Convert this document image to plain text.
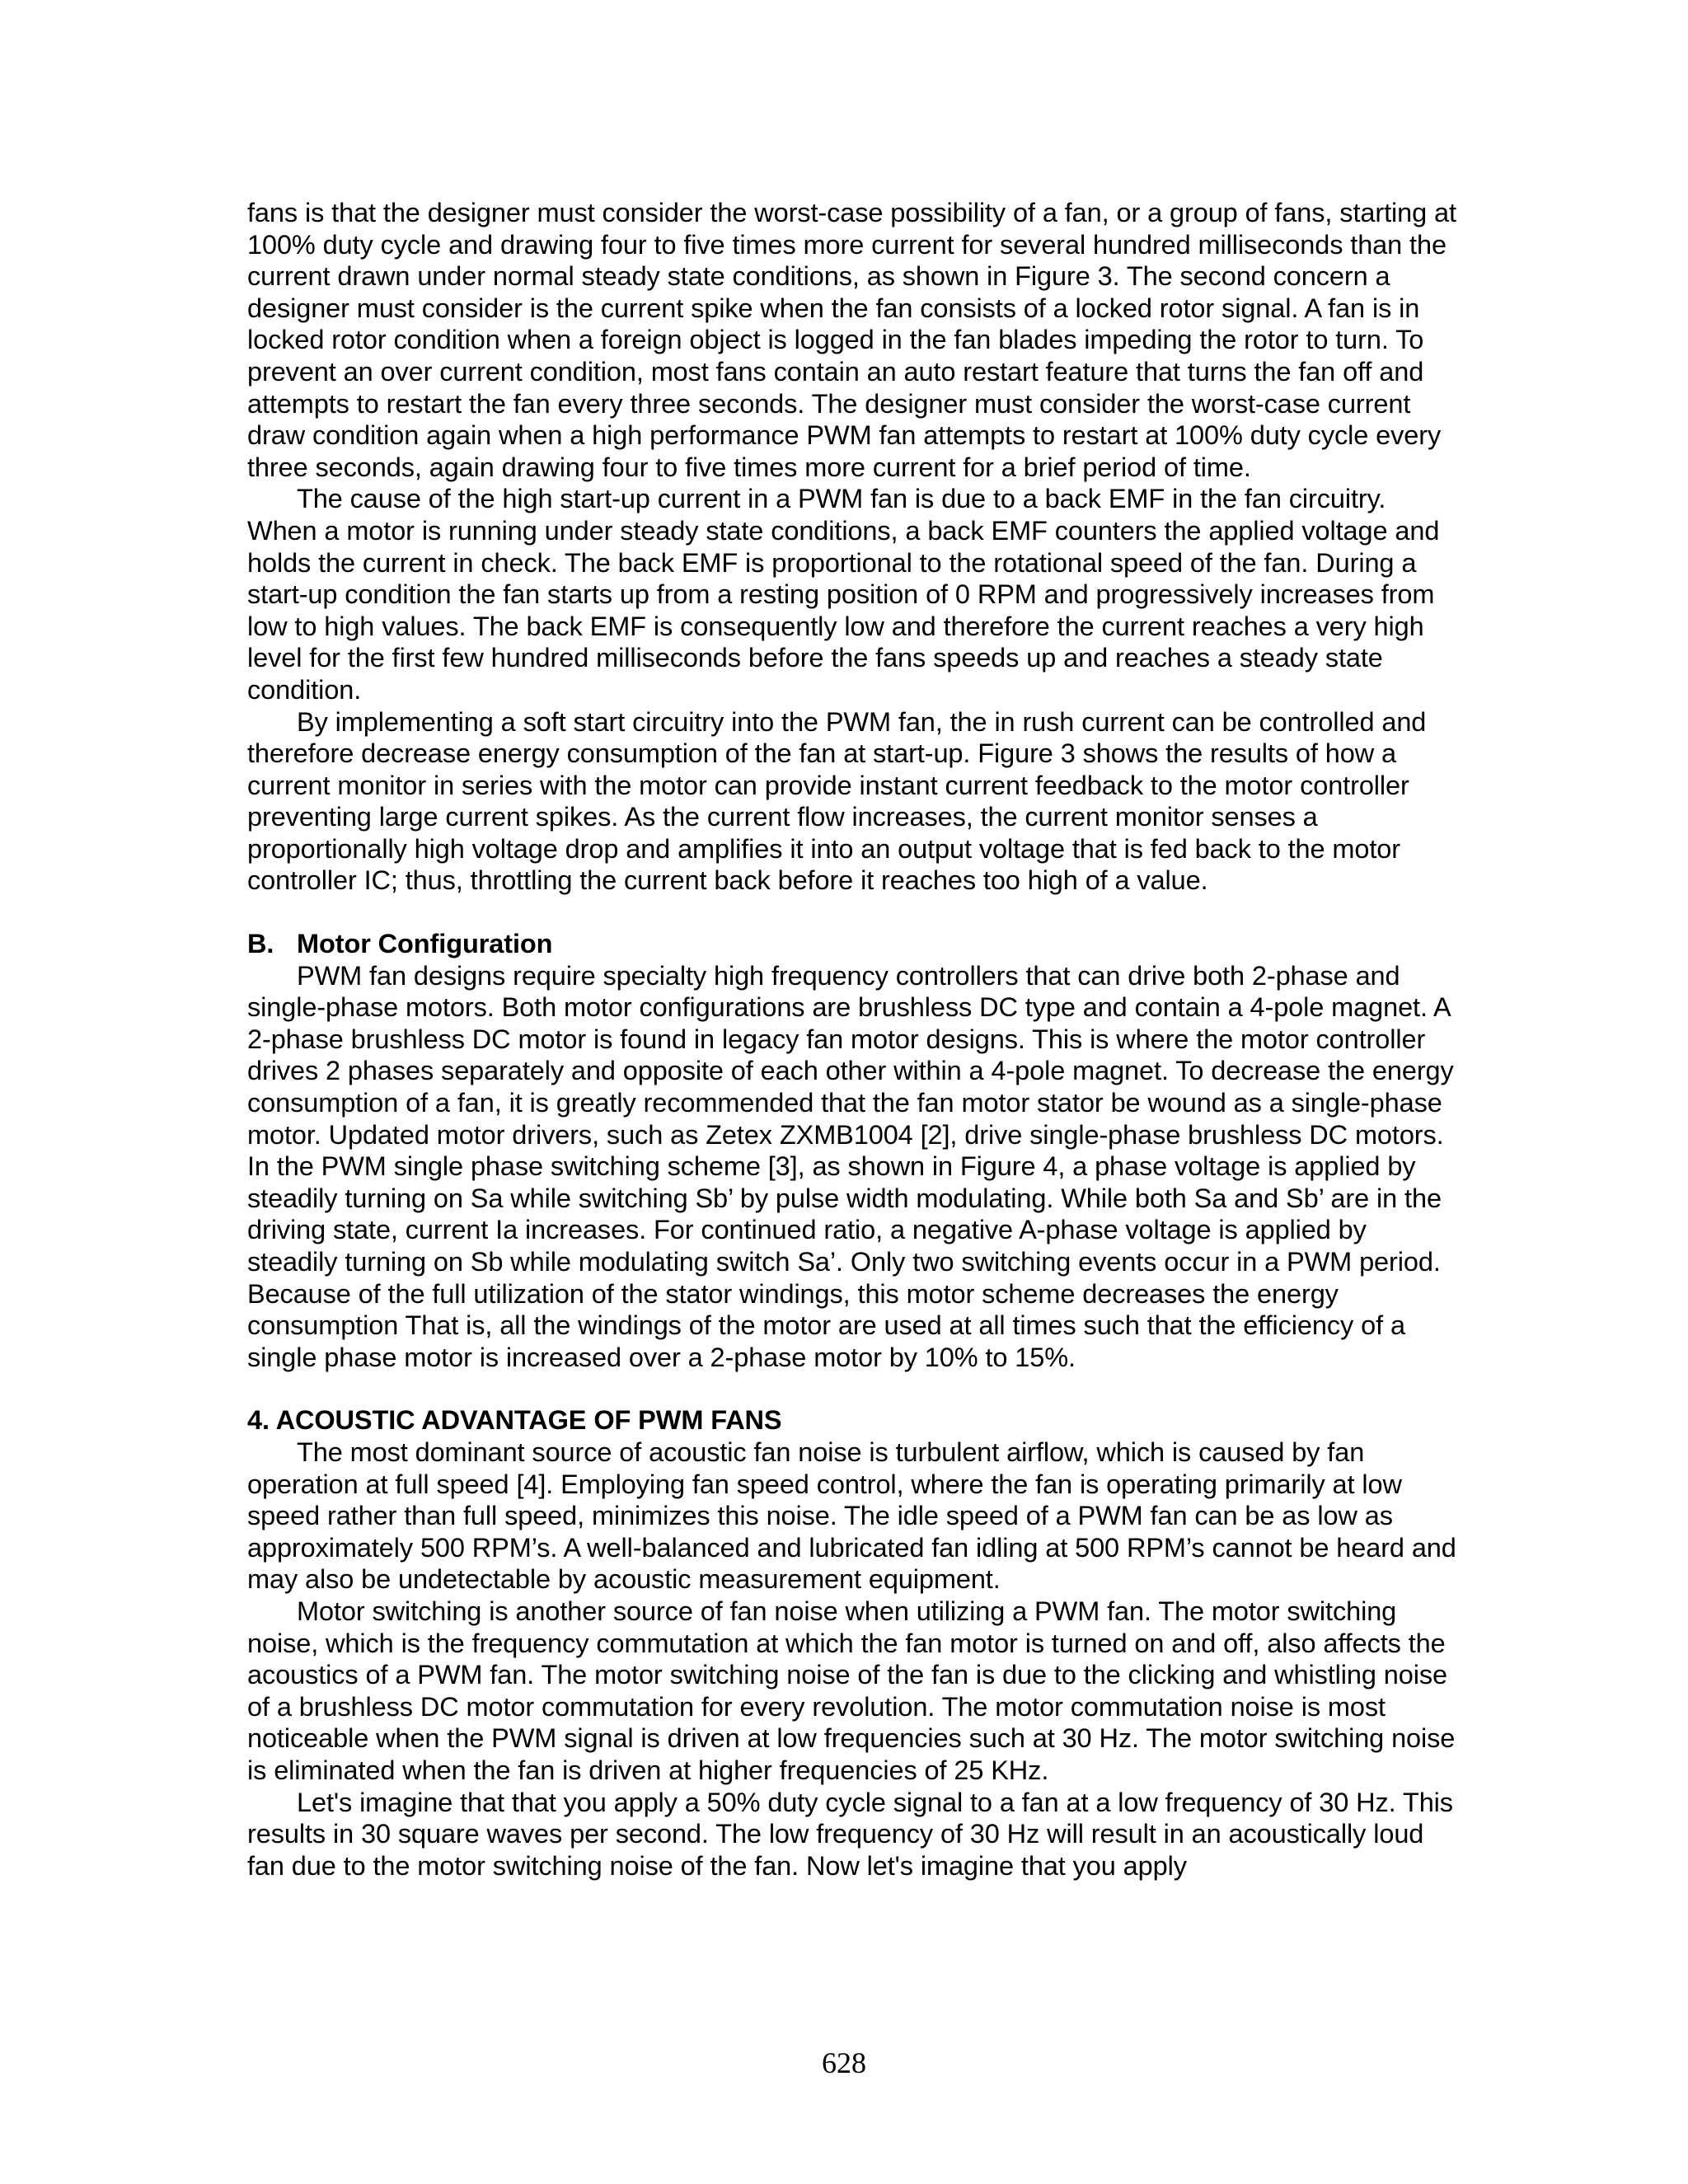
fans is that the designer must consider the worst-case possibility of a fan, or a group of fans, starting at 100% duty cycle and drawing four to five times more current for several hundred milliseconds than the current drawn under normal steady state conditions, as shown in Figure 3. The second concern a designer must consider is the current spike when the fan consists of a locked rotor signal. A fan is in locked rotor condition when a foreign object is logged in the fan blades impeding the rotor to turn. To prevent an over current condition, most fans contain an auto restart feature that turns the fan off and attempts to restart the fan every three seconds. The designer must consider the worst-case current draw condition again when a high performance PWM fan attempts to restart at 100% duty cycle every three seconds, again drawing four to five times more current for a brief period of time.

The cause of the high start-up current in a PWM fan is due to a back EMF in the fan circuitry. When a motor is running under steady state conditions, a back EMF counters the applied voltage and holds the current in check. The back EMF is proportional to the rotational speed of the fan. During a start-up condition the fan starts up from a resting position of 0 RPM and progressively increases from low to high values. The back EMF is consequently low and therefore the current reaches a very high level for the first few hundred milliseconds before the fans speeds up and reaches a steady state condition.

By implementing a soft start circuitry into the PWM fan, the in rush current can be controlled and therefore decrease energy consumption of the fan at start-up. Figure 3 shows the results of how a current monitor in series with the motor can provide instant current feedback to the motor controller preventing large current spikes. As the current flow increases, the current monitor senses a proportionally high voltage drop and amplifies it into an output voltage that is fed back to the motor controller IC; thus, throttling the current back before it reaches too high of a value.

B. Motor Configuration

PWM fan designs require specialty high frequency controllers that can drive both 2-phase and single-phase motors. Both motor configurations are brushless DC type and contain a 4-pole magnet. A 2-phase brushless DC motor is found in legacy fan motor designs. This is where the motor controller drives 2 phases separately and opposite of each other within a 4-pole magnet. To decrease the energy consumption of a fan, it is greatly recommended that the fan motor stator be wound as a single-phase motor. Updated motor drivers, such as Zetex ZXMB1004 [2], drive single-phase brushless DC motors. In the PWM single phase switching scheme [3], as shown in Figure 4, a phase voltage is applied by steadily turning on Sa while switching Sb’ by pulse width modulating. While both Sa and Sb’ are in the driving state, current Ia increases. For continued ratio, a negative A-phase voltage is applied by steadily turning on Sb while modulating switch Sa’. Only two switching events occur in a PWM period. Because of the full utilization of the stator windings, this motor scheme decreases the energy consumption That is, all the windings of the motor are used at all times such that the efficiency of a single phase motor is increased over a 2-phase motor by 10% to 15%.

4. ACOUSTIC ADVANTAGE OF PWM FANS

The most dominant source of acoustic fan noise is turbulent airflow, which is caused by fan operation at full speed [4]. Employing fan speed control, where the fan is operating primarily at low speed rather than full speed, minimizes this noise. The idle speed of a PWM fan can be as low as approximately 500 RPM’s. A well-balanced and lubricated fan idling at 500 RPM’s cannot be heard and may also be undetectable by acoustic measurement equipment.

Motor switching is another source of fan noise when utilizing a PWM fan. The motor switching noise, which is the frequency commutation at which the fan motor is turned on and off, also affects the acoustics of a PWM fan. The motor switching noise of the fan is due to the clicking and whistling noise of a brushless DC motor commutation for every revolution. The motor commutation noise is most noticeable when the PWM signal is driven at low frequencies such at 30 Hz. The motor switching noise is eliminated when the fan is driven at higher frequencies of 25 KHz.

Let's imagine that that you apply a 50% duty cycle signal to a fan at a low frequency of 30 Hz. This results in 30 square waves per second. The low frequency of 30 Hz will result in an acoustically loud fan due to the motor switching noise of the fan. Now let's imagine that you apply

628
